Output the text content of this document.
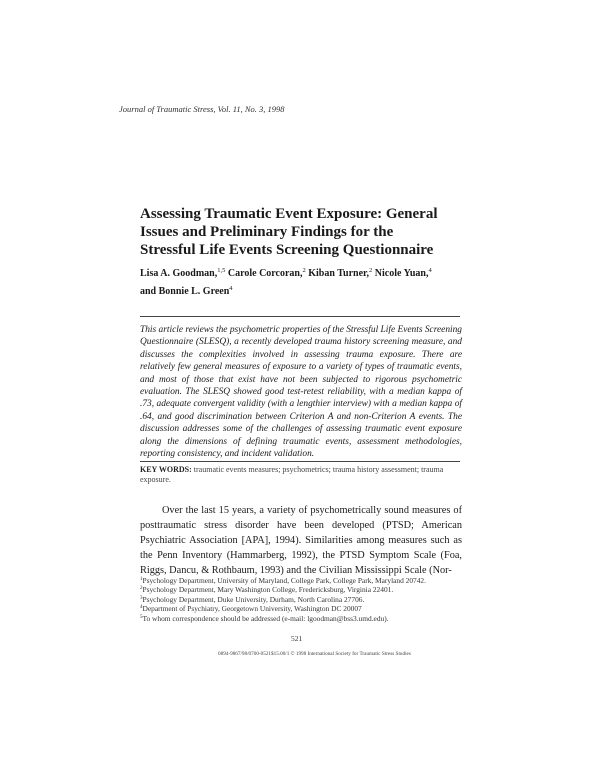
Journal of Traumatic Stress, Vol. 11, No. 3, 1998
Assessing Traumatic Event Exposure: General
Issues and Preliminary Findings for the
Stressful Life Events Screening Questionnaire
Lisa A. Goodman,$^{1,5}$ Carole Corcoran,$^2$ Kiban Turner,$^2$ Nicole Yuan,$^4$
and Bonnie L. Green$^4$
This article reviews the psychometric properties of the Stressful Life Events Screening Questionnaire (SLESQ), a recently developed trauma history screening measure, and discusses the complexities involved in assessing trauma exposure. There are relatively few general measures of exposure to a variety of types of traumatic events, and most of those that exist have not been subjected to rigorous psychometric evaluation. The SLESQ showed good test-retest reliability, with a median kappa of .73, adequate convergent validity (with a lengthier interview) with a median kappa of .64, and good discrimination between Criterion A and non-Criterion A events. The discussion addresses some of the challenges of assessing traumatic event exposure along the dimensions of defining traumatic events, assessment methodologies, reporting consistency, and incident validation.
KEY WORDS: traumatic events measures; psychometrics; trauma history assessment; trauma exposure.
Over the last 15 years, a variety of psychometrically sound measures of posttraumatic stress disorder have been developed (PTSD; American Psychiatric Association [APA], 1994). Similarities among measures such as the Penn Inventory (Hammarberg, 1992), the PTSD Symptom Scale (Foa, Riggs, Dancu, & Rothbaum, 1993) and the Civilian Mississippi Scale (Nor-
$^1$Psychology Department, University of Maryland, College Park, College Park, Maryland 20742.
$^2$Psychology Department, Mary Washington College, Fredericksburg, Virginia 22401.
$^3$Psychology Department, Duke University, Durham, North Carolina 27706.
$^4$Department of Psychiatry, Georgetown University, Washington DC 20007
$^5$To whom correspondence should be addressed (e-mail: lgoodman@bss3.umd.edu).
521
0894-9867/98/0700-0521$15.00/1 © 1998 International Society for Traumatic Stress Studies
